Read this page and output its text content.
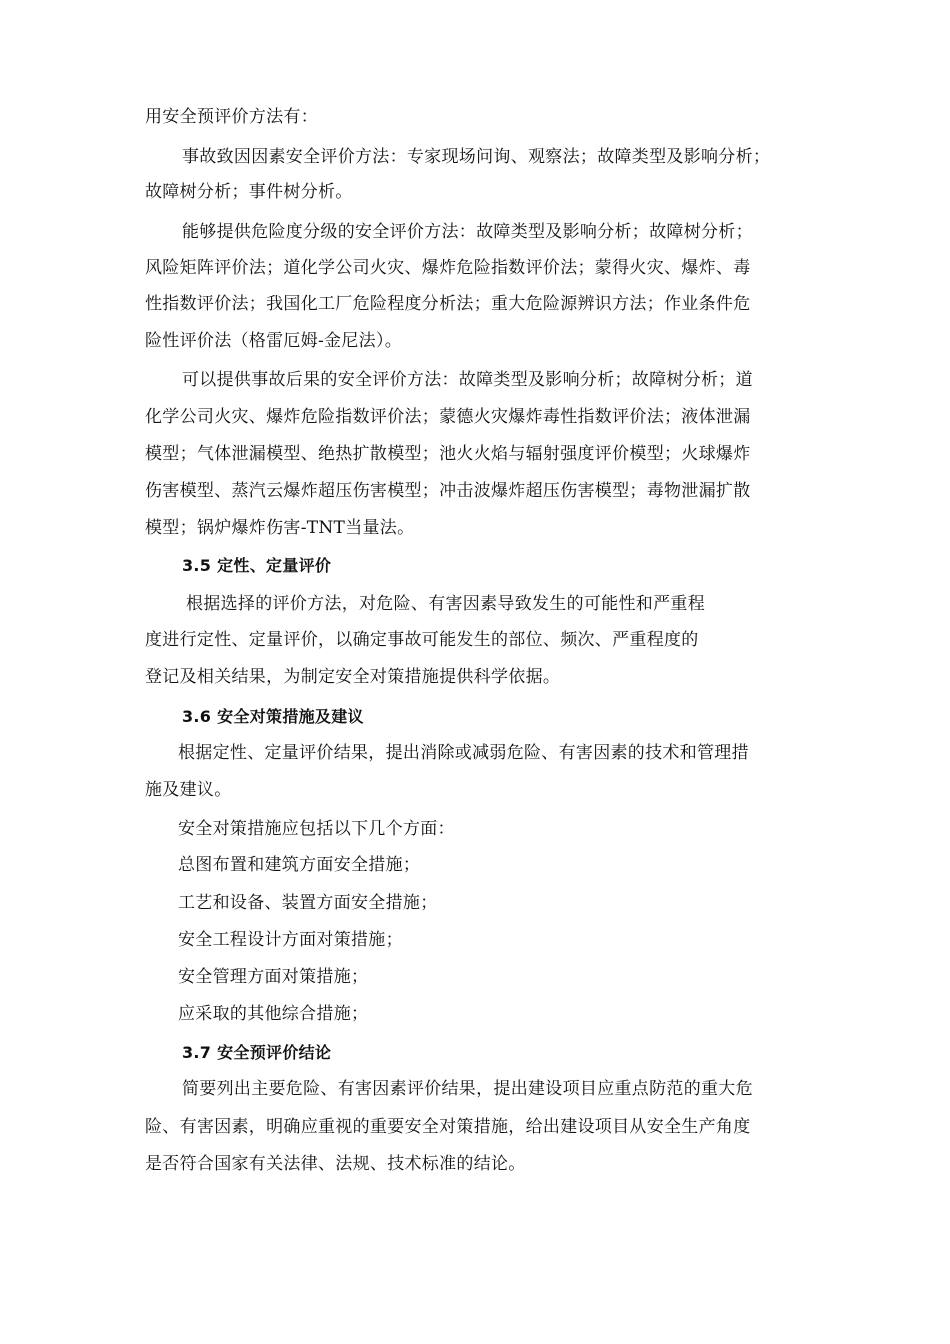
用安全预评价方法有：
事故致因因素安全评价方法：专家现场问询、观察法；故障类型及影响分析；
故障树分析；事件树分析。
能够提供危险度分级的安全评价方法：故障类型及影响分析；故障树分析；
风险矩阵评价法；道化学公司火灾、爆炸危险指数评价法；蒙得火灾、爆炸、毒
性指数评价法；我国化工厂危险程度分析法；重大危险源辨识方法；作业条件危
险性评价法（格雷厄姆-金尼法）。
可以提供事故后果的安全评价方法：故障类型及影响分析；故障树分析；道
化学公司火灾、爆炸危险指数评价法；蒙德火灾爆炸毒性指数评价法；液体泄漏
模型；气体泄漏模型、绝热扩散模型；池火火焰与辐射强度评价模型；火球爆炸
伤害模型、蒸汽云爆炸超压伤害模型；冲击波爆炸超压伤害模型；毒物泄漏扩散
模型；锅炉爆炸伤害-TNT当量法。
3.5 定性、定量评价
根据选择的评价方法，对危险、有害因素导致发生的可能性和严重程
度进行定性、定量评价，以确定事故可能发生的部位、频次、严重程度的
登记及相关结果，为制定安全对策措施提供科学依据。
3.6 安全对策措施及建议
根据定性、定量评价结果，提出消除或减弱危险、有害因素的技术和管理措
施及建议。
安全对策措施应包括以下几个方面：
总图布置和建筑方面安全措施；
工艺和设备、装置方面安全措施；
安全工程设计方面对策措施；
安全管理方面对策措施；
应采取的其他综合措施；
3.7 安全预评价结论
简要列出主要危险、有害因素评价结果，提出建设项目应重点防范的重大危
险、有害因素，明确应重视的重要安全对策措施，给出建设项目从安全生产角度
是否符合国家有关法律、法规、技术标准的结论。
